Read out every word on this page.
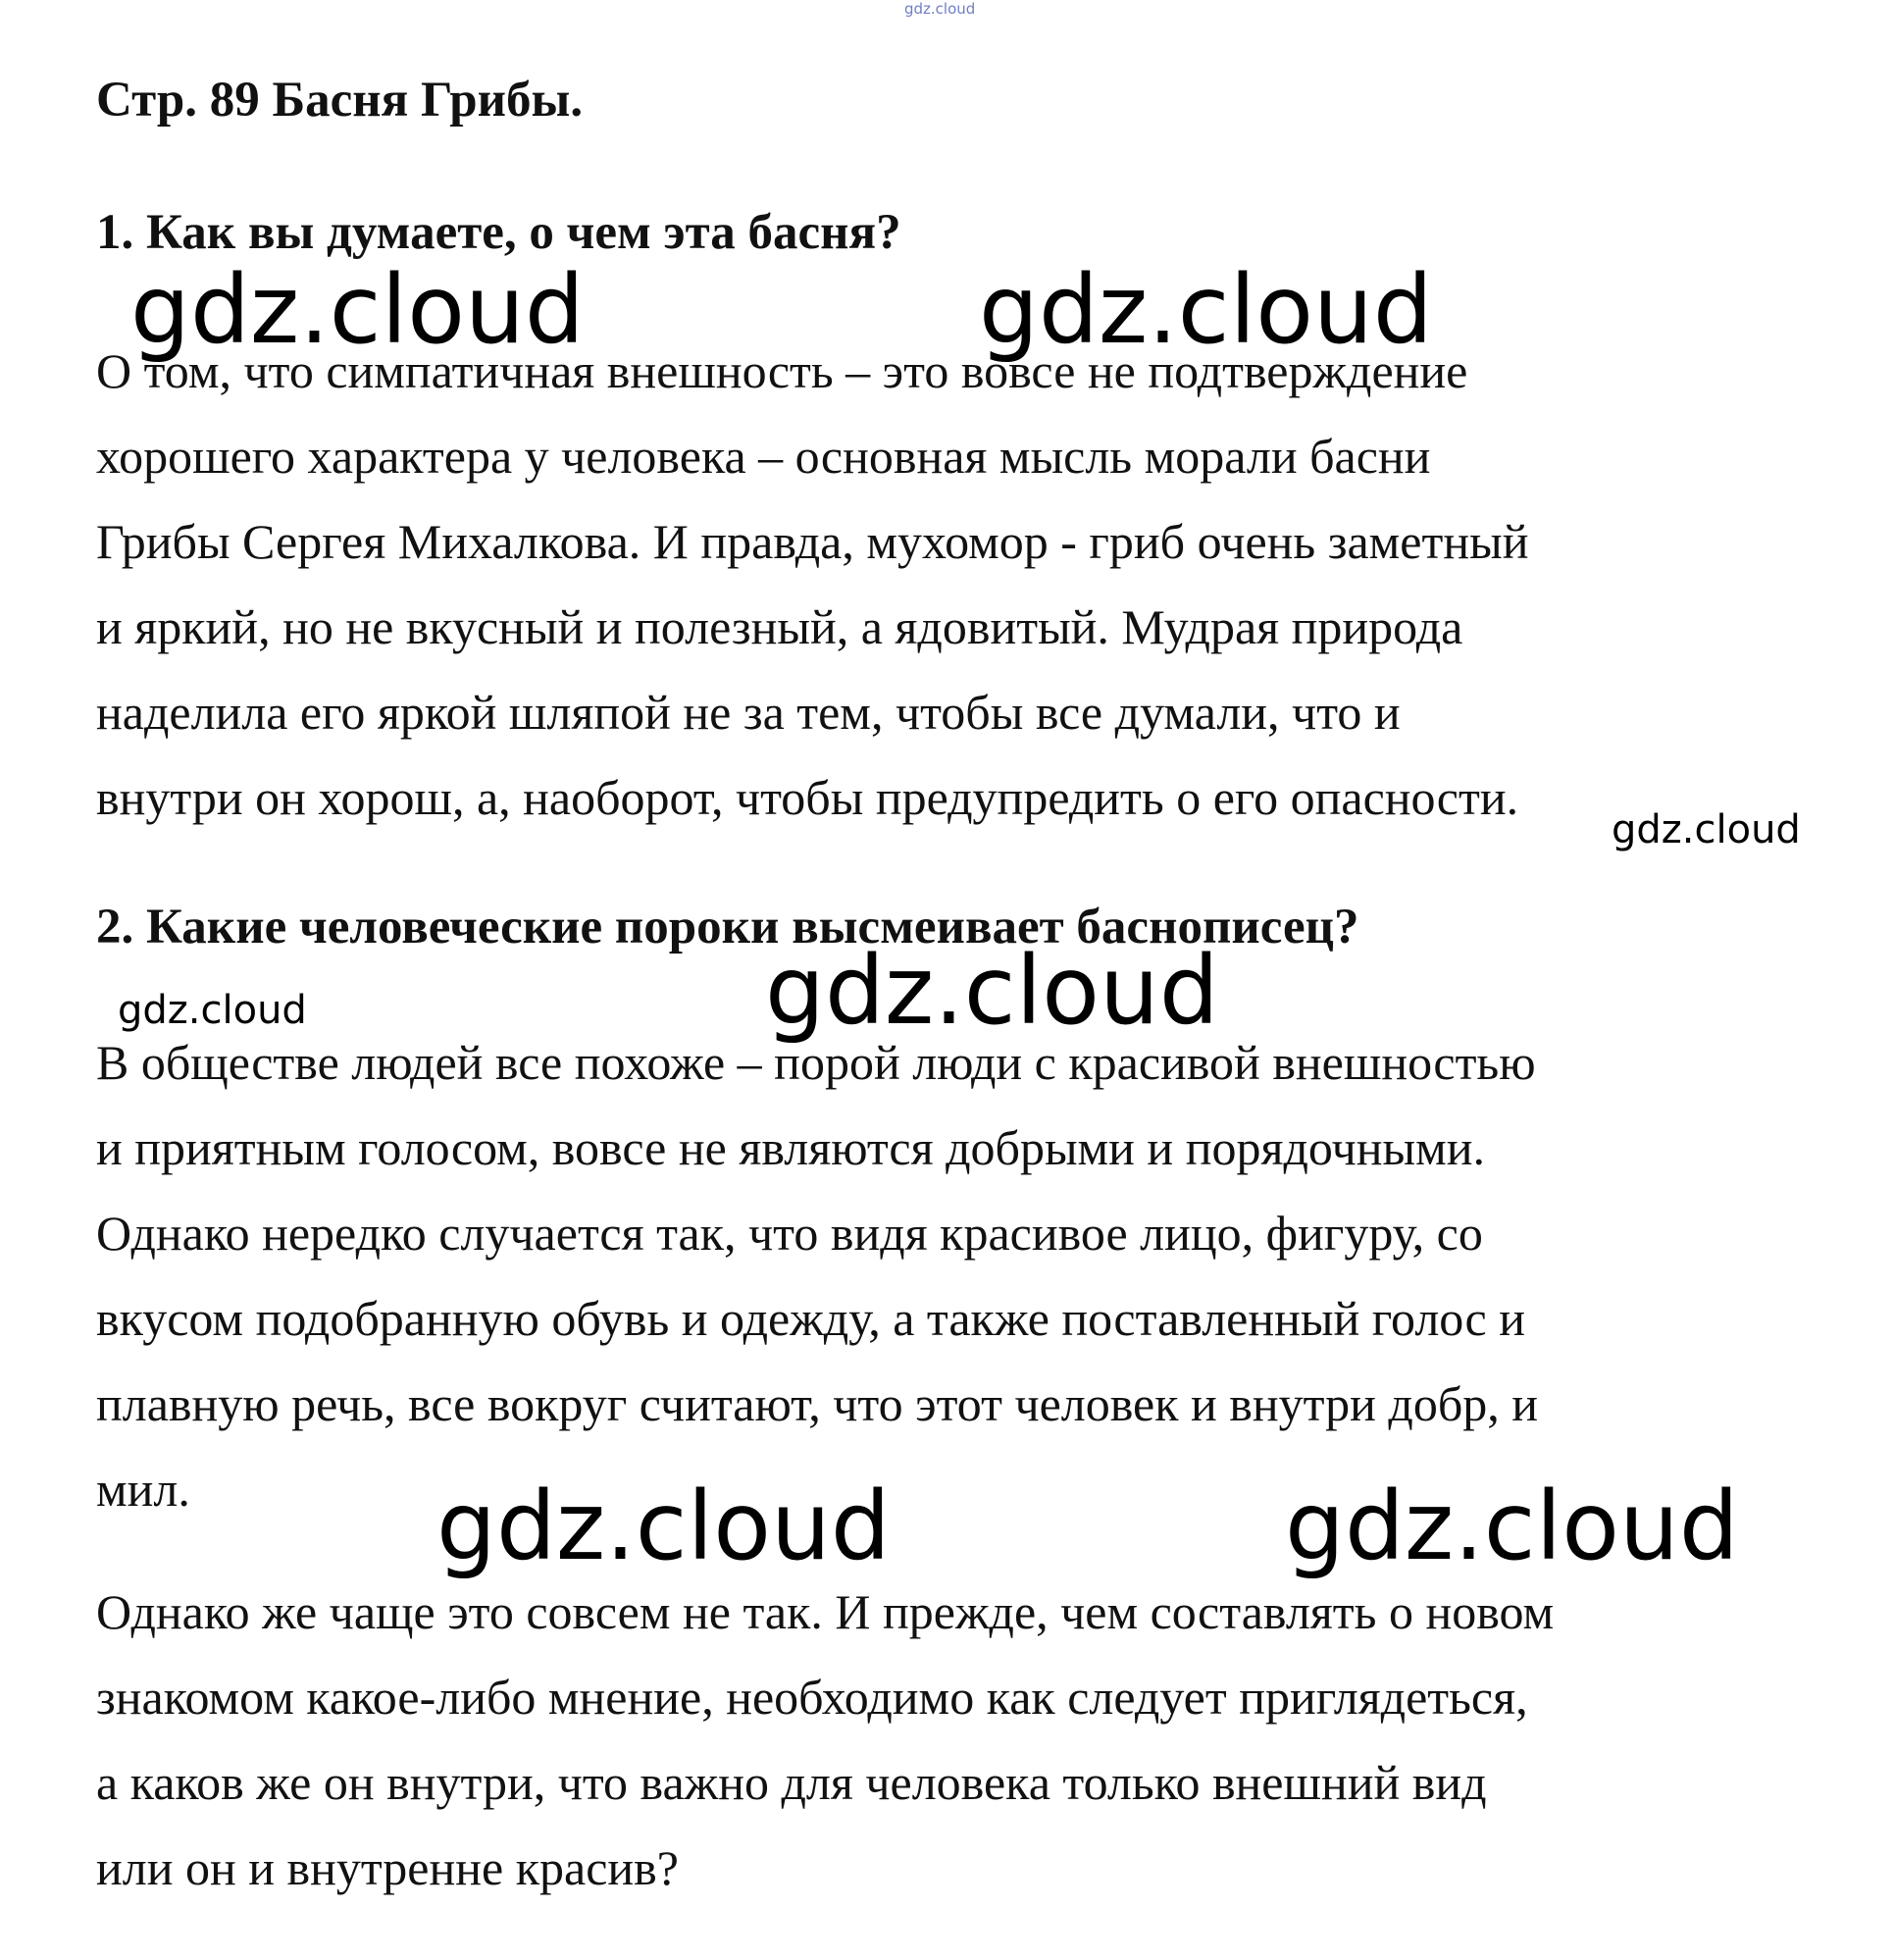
gdz.cloud
Стр. 89 Басня Грибы.
1. Как вы думаете, о чем эта басня?

О том, что симпатичная внешность – это вовсе не подтверждение
хорошего характера у человека – основная мысль морали басни
Грибы Сергея Михалкова. И правда, мухомор - гриб очень заметный
и яркий, но не вкусный и полезный, а ядовитый. Мудрая природа
наделила его яркой шляпой не за тем, чтобы все думали, что и
внутри он хорош, а, наоборот, чтобы предупредить о его опасности.

2. Какие человеческие пороки высмеивает баснописец?

В обществе людей все похоже – порой люди с красивой внешностью
и приятным голосом, вовсе не являются добрыми и порядочными.
Однако нередко случается так, что видя красивое лицо, фигуру, со
вкусом подобранную обувь и одежду, а также поставленный голос и
плавную речь, все вокруг считают, что этот человек и внутри добр, и
мил.

Однако же чаще это совсем не так. И прежде, чем составлять о новом
знакомом какое-либо мнение, необходимо как следует приглядеться,
а каков же он внутри, что важно для человека только внешний вид
или он и внутренне красив?

gdz.cloud	gdz.cloud
gdz.cloud
gdz.cloud
gdz.cloud
gdz.cloud	gdz.cloud
